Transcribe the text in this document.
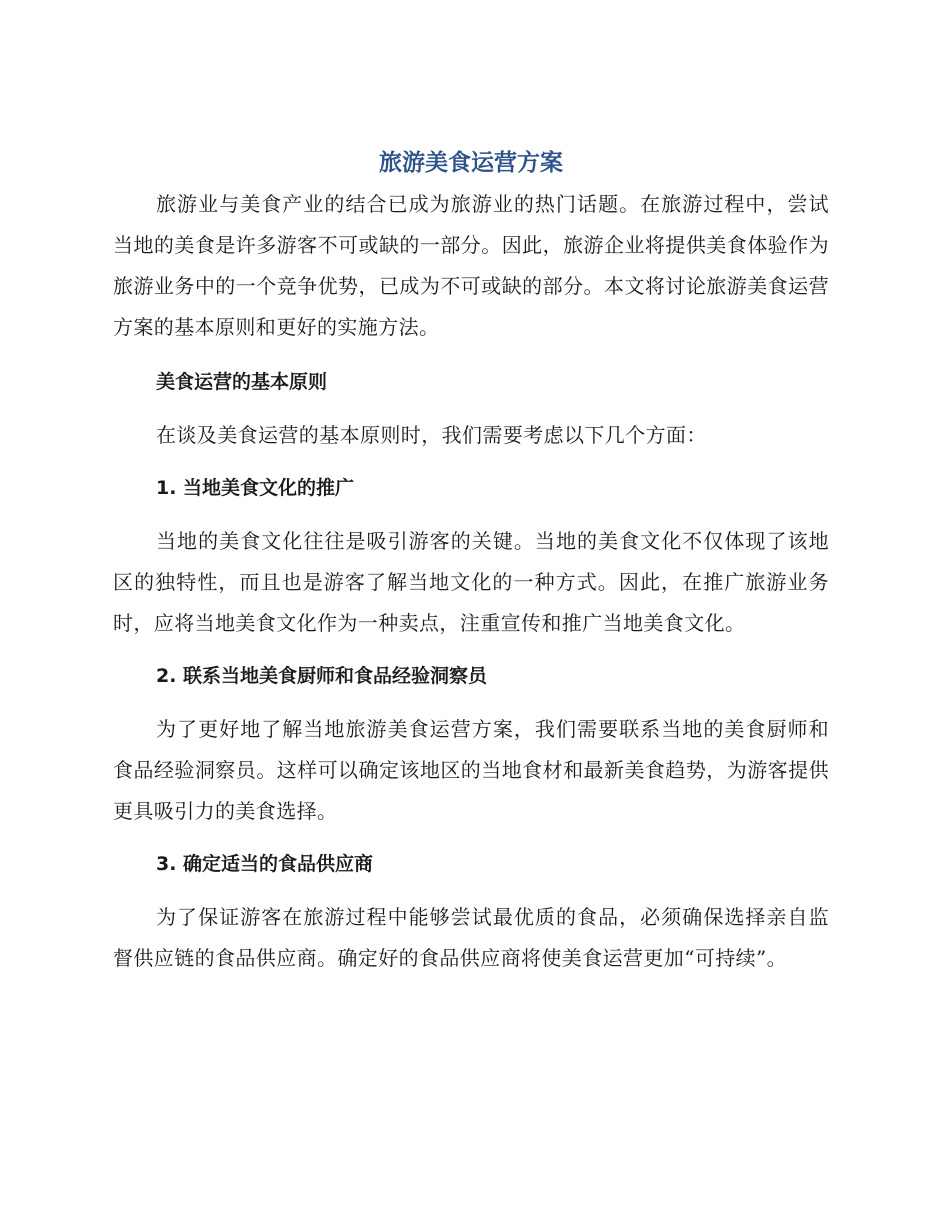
旅游美食运营方案

旅游业与美食产业的结合已成为旅游业的热门话题。在旅游过程中，尝试当地的美食是许多游客不可或缺的一部分。因此，旅游企业将提供美食体验作为旅游业务中的一个竞争优势，已成为不可或缺的部分。本文将讨论旅游美食运营方案的基本原则和更好的实施方法。

美食运营的基本原则

在谈及美食运营的基本原则时，我们需要考虑以下几个方面：

1. 当地美食文化的推广

当地的美食文化往往是吸引游客的关键。当地的美食文化不仅体现了该地区的独特性，而且也是游客了解当地文化的一种方式。因此，在推广旅游业务时，应将当地美食文化作为一种卖点，注重宣传和推广当地美食文化。

2. 联系当地美食厨师和食品经验洞察员

为了更好地了解当地旅游美食运营方案，我们需要联系当地的美食厨师和食品经验洞察员。这样可以确定该地区的当地食材和最新美食趋势，为游客提供更具吸引力的美食选择。

3. 确定适当的食品供应商

为了保证游客在旅游过程中能够尝试最优质的食品，必须确保选择亲自监督供应链的食品供应商。确定好的食品供应商将使美食运营更加“可持续”。
